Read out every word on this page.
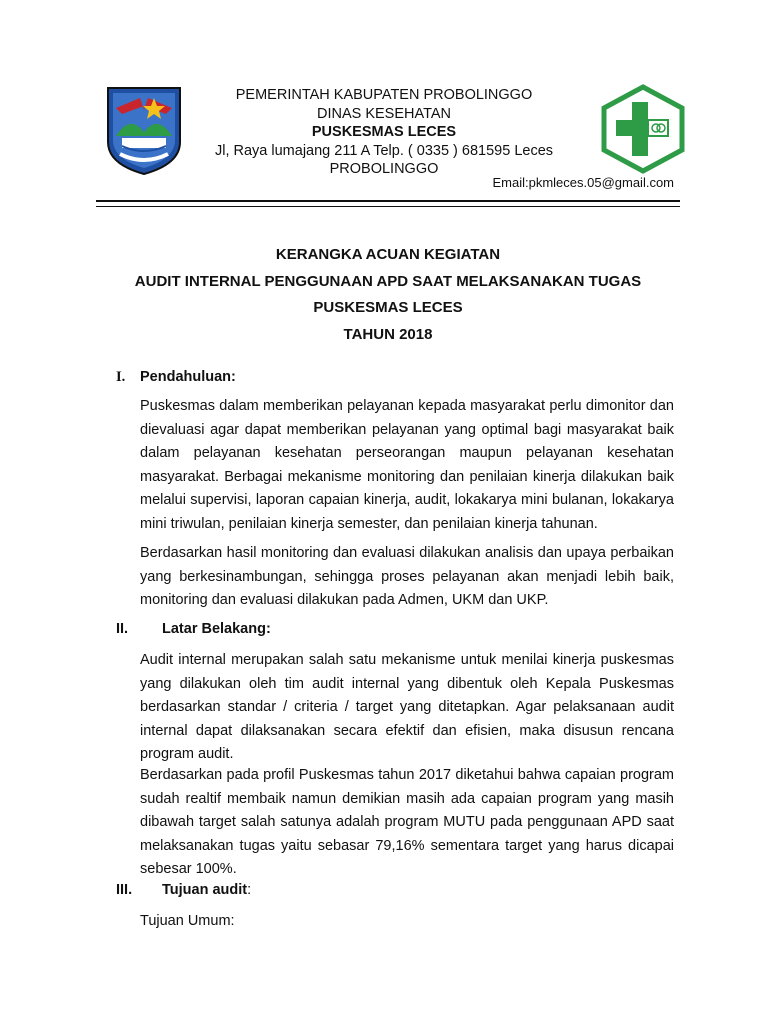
PEMERINTAH KABUPATEN PROBOLINGGO
DINAS KESEHATAN
PUSKESMAS LECES
Jl, Raya lumajang 211 A Telp. ( 0335 ) 681595 Leces
PROBOLINGGO
Email:pkmleces.05@gmail.com
KERANGKA ACUAN KEGIATAN
AUDIT INTERNAL PENGGUNAAN APD SAAT MELAKSANAKAN TUGAS
PUSKESMAS LECES
TAHUN 2018
I. Pendahuluan:
Puskesmas dalam memberikan pelayanan kepada masyarakat perlu dimonitor dan dievaluasi agar dapat memberikan pelayanan yang optimal bagi masyarakat baik dalam pelayanan kesehatan perseorangan maupun pelayanan kesehatan masyarakat. Berbagai mekanisme monitoring dan penilaian kinerja dilakukan baik melalui supervisi, laporan capaian kinerja, audit, lokakarya mini bulanan, lokakarya mini triwulan, penilaian kinerja semester, dan penilaian kinerja tahunan.
Berdasarkan hasil monitoring dan evaluasi dilakukan analisis dan upaya perbaikan yang berkesinambungan, sehingga proses pelayanan akan menjadi lebih baik, monitoring dan evaluasi dilakukan pada Admen, UKM dan UKP.
II. Latar Belakang:
Audit internal merupakan salah satu mekanisme untuk menilai kinerja puskesmas yang dilakukan oleh tim audit internal yang dibentuk oleh Kepala Puskesmas berdasarkan standar / criteria / target yang ditetapkan. Agar pelaksanaan audit internal dapat dilaksanakan secara efektif dan efisien, maka disusun rencana program audit.
Berdasarkan pada profil Puskesmas tahun 2017 diketahui bahwa capaian program sudah realtif membaik namun demikian masih ada capaian program yang masih dibawah target salah satunya adalah program MUTU pada penggunaan APD saat melaksanakan tugas yaitu sebasar 79,16% sementara target yang harus dicapai sebesar 100%.
III. Tujuan audit:
Tujuan Umum:
